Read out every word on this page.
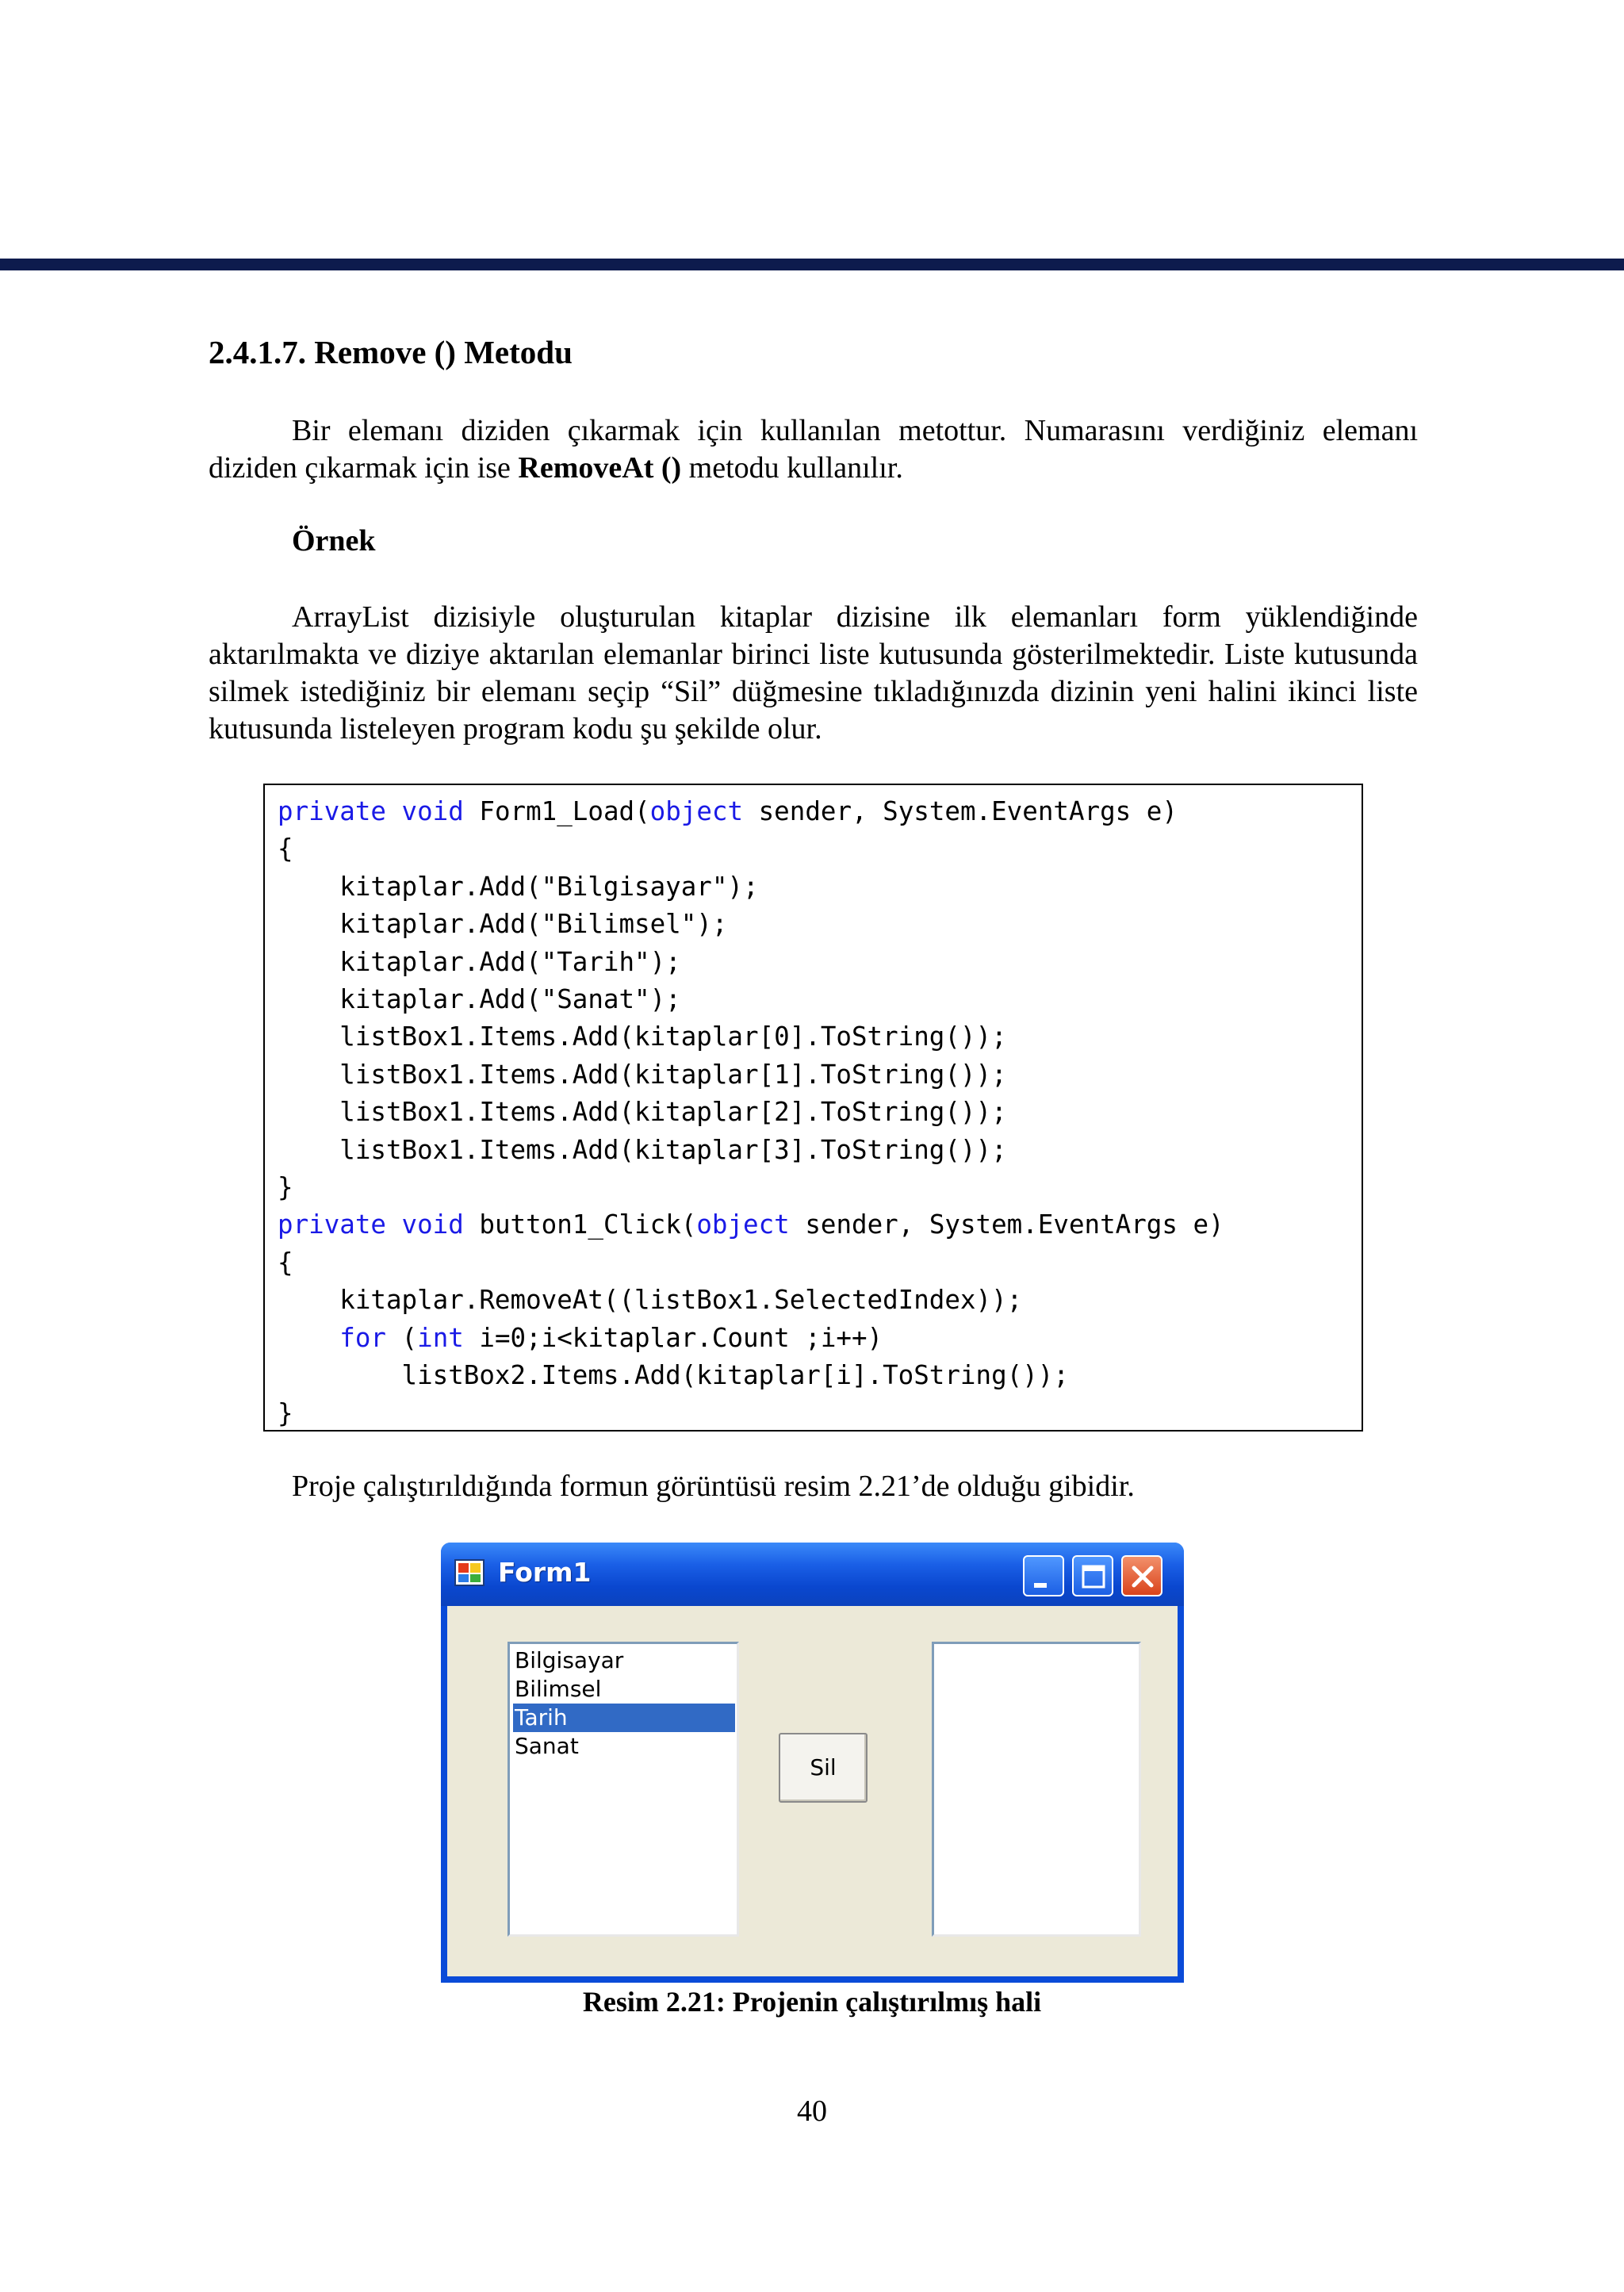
2.4.1.7. Remove () Metodu

Bir elemanı diziden çıkarmak için kullanılan metottur. Numarasını verdiğiniz elemanı diziden çıkarmak için ise RemoveAt () metodu kullanılır.

Örnek

ArrayList dizisiyle oluşturulan kitaplar dizisine ilk elemanları form yüklendiğinde aktarılmakta ve diziye aktarılan elemanlar birinci liste kutusunda gösterilmektedir. Liste kutusunda silmek istediğiniz bir elemanı seçip “Sil” düğmesine tıkladığınızda dizinin yeni halini ikinci liste kutusunda listeleyen program kodu şu şekilde olur.

private void Form1_Load(object sender, System.EventArgs e)
{
kitaplar.Add("Bilgisayar");
kitaplar.Add("Bilimsel");
kitaplar.Add("Tarih");
kitaplar.Add("Sanat");
listBox1.Items.Add(kitaplar[0].ToString());
listBox1.Items.Add(kitaplar[1].ToString());
listBox1.Items.Add(kitaplar[2].ToString());
listBox1.Items.Add(kitaplar[3].ToString());
}
private void button1_Click(object sender, System.EventArgs e)
{
kitaplar.RemoveAt((listBox1.SelectedIndex));
for (int i=0;i<kitaplar.Count ;i++)
listBox2.Items.Add(kitaplar[i].ToString());
}
Proje çalıştırıldığında formun görüntüsü resim 2.21’de olduğu gibidir.
Form1
Bilgisayar
Bilimsel
Tarih
Sanat
Sil
Resim 2.21: Projenin çalıştırılmış hali
40
